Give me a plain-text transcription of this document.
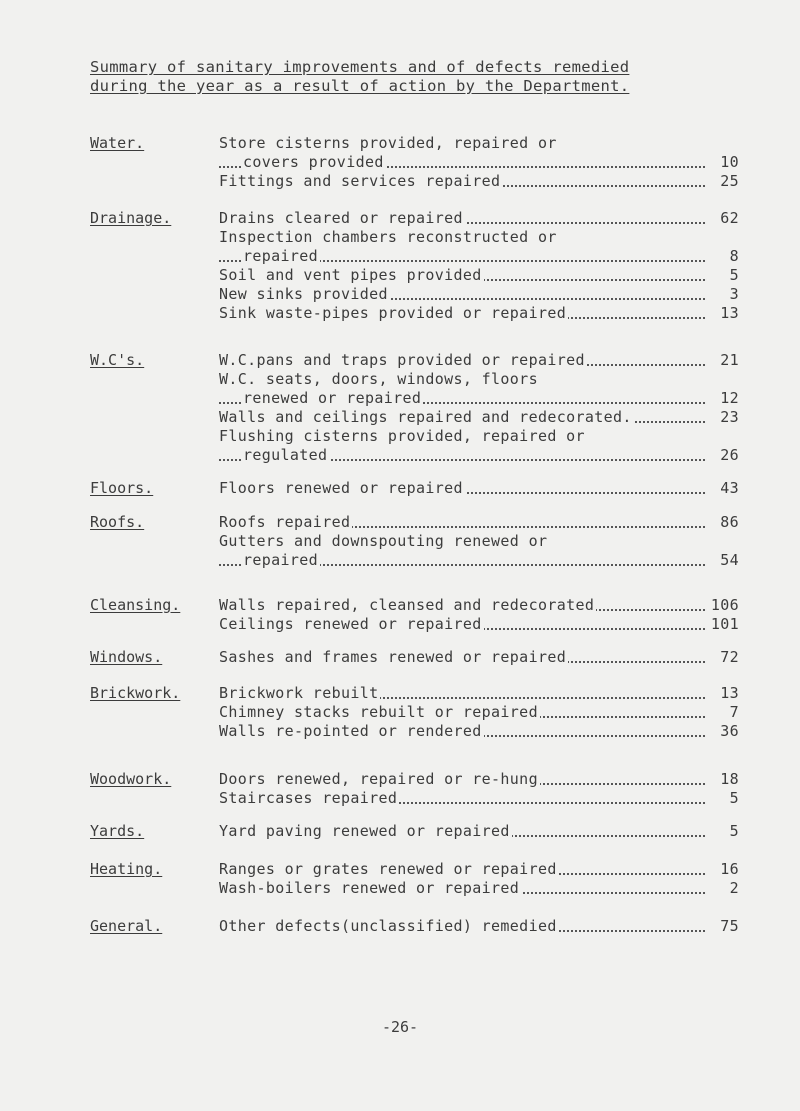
Summary of sanitary improvements and of defects remedied
during the year as a result of action by the Department.
Water.	Store cisterns provided, repaired or
covers provided	10
Fittings and services repaired	25
Drainage.	Drains cleared or repaired	62
Inspection chambers reconstructed or
repaired	8
Soil and vent pipes provided	5
New sinks provided	3
Sink waste-pipes provided or repaired	13
W.C's.	W.C.pans and traps provided or repaired	21
W.C. seats, doors, windows, floors
renewed or repaired	12
Walls and ceilings repaired and redecorated.	23
Flushing cisterns provided, repaired or
regulated	26
Floors.	Floors renewed or repaired	43
Roofs.	Roofs repaired	86
Gutters and downspouting renewed or
repaired	54
Cleansing.	Walls repaired, cleansed and redecorated	106
Ceilings renewed or repaired	101
Windows.	Sashes and frames renewed or repaired	72
Brickwork.	Brickwork rebuilt	13
Chimney stacks rebuilt or repaired	7
Walls re-pointed or rendered	36
Woodwork.	Doors renewed, repaired or re-hung	18
Staircases repaired	5
Yards.	Yard paving renewed or repaired	5
Heating.	Ranges or grates renewed or repaired	16
Wash-boilers renewed or repaired	2
General.	Other defects(unclassified) remedied	75
-26-
